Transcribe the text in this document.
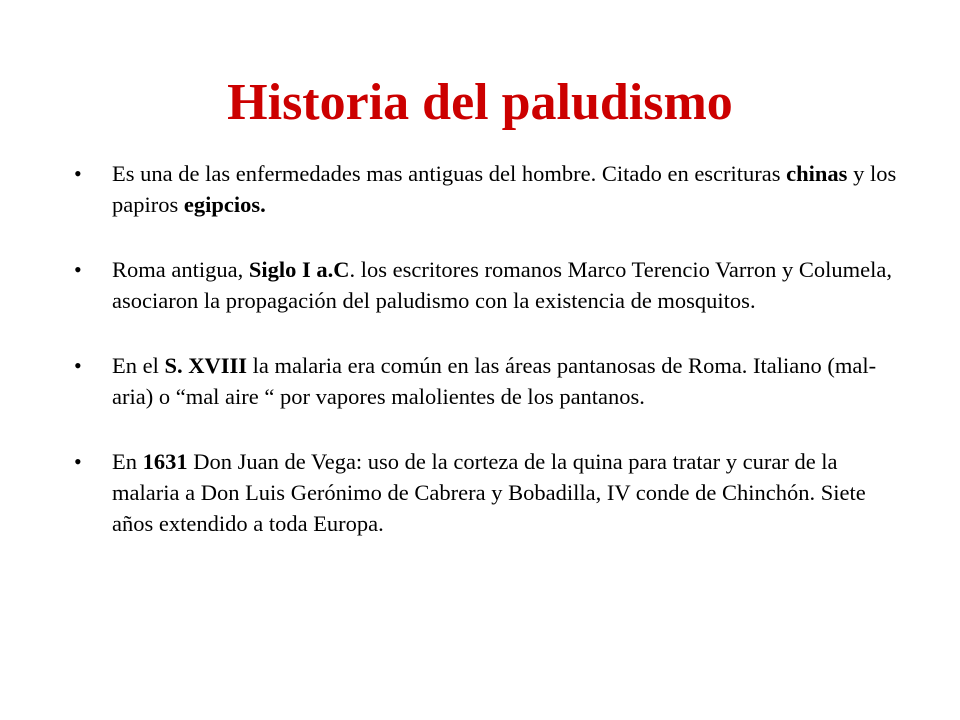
Historia del paludismo
•	Es una de las enfermedades mas antiguas del hombre. Citado en escrituras chinas y los papiros egipcios.
•	Roma antigua, Siglo I a.C. los escritores romanos Marco Terencio Varron y Columela, asociaron la propagación del paludismo con la existencia de mosquitos.
•	En el S. XVIII la malaria era común en las áreas pantanosas de Roma. Italiano (mal-aria) o “mal aire “ por vapores malolientes de los pantanos.
•	En 1631 Don Juan de Vega: uso de la corteza de la quina para tratar y curar de la malaria a Don Luis Gerónimo de Cabrera y Bobadilla, IV conde de Chinchón. Siete años extendido a toda Europa.
